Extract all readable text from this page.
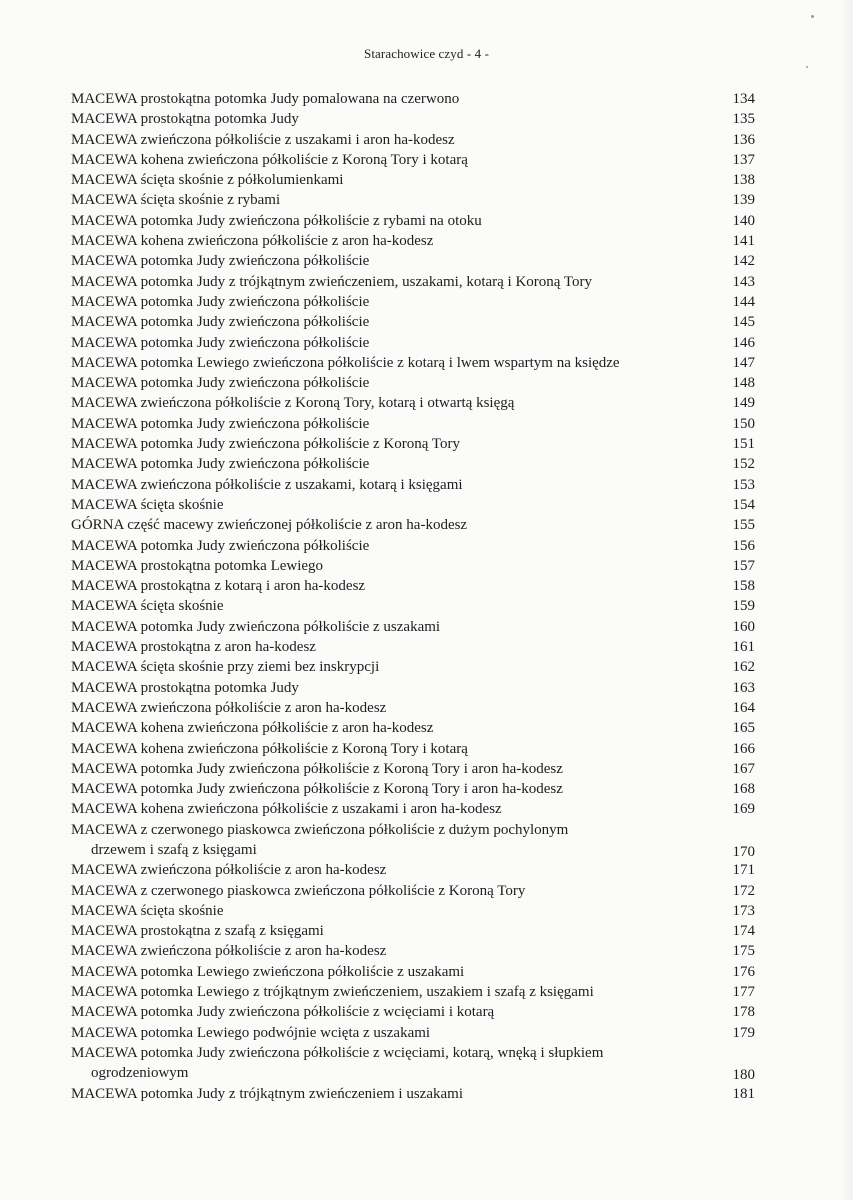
Starachowice czyd - 4 -
MACEWA prostokątna potomka Judy pomalowana na czerwono	134
MACEWA prostokątna potomka Judy	135
MACEWA zwieńczona półkoliście z uszakami i aron ha-kodesz	136
MACEWA kohena zwieńczona półkoliście z Koroną Tory i kotarą	137
MACEWA ścięta skośnie z półkolumienkami	138
MACEWA ścięta skośnie z rybami	139
MACEWA potomka Judy zwieńczona półkoliście z rybami na otoku	140
MACEWA kohena zwieńczona półkoliście z aron ha-kodesz	141
MACEWA potomka Judy zwieńczona półkoliście	142
MACEWA potomka Judy z trójkątnym zwieńczeniem, uszakami, kotarą i Koroną Tory	143
MACEWA potomka Judy zwieńczona półkoliście	144
MACEWA potomka Judy zwieńczona półkoliście	145
MACEWA potomka Judy zwieńczona półkoliście	146
MACEWA potomka Lewiego zwieńczona półkoliście z kotarą i lwem wspartym na księdze	147
MACEWA potomka Judy zwieńczona półkoliście	148
MACEWA zwieńczona półkoliście z Koroną Tory, kotarą i otwartą księgą	149
MACEWA potomka Judy zwieńczona półkoliście	150
MACEWA potomka Judy zwieńczona półkoliście z Koroną Tory	151
MACEWA potomka Judy zwieńczona półkoliście	152
MACEWA zwieńczona półkoliście z uszakami, kotarą i księgami	153
MACEWA ścięta skośnie	154
GÓRNA część macewy zwieńczonej półkoliście z aron ha-kodesz	155
MACEWA potomka Judy zwieńczona półkoliście	156
MACEWA prostokątna potomka Lewiego	157
MACEWA prostokątna z kotarą i aron ha-kodesz	158
MACEWA ścięta skośnie	159
MACEWA potomka Judy zwieńczona półkoliście z uszakami	160
MACEWA prostokątna z aron ha-kodesz	161
MACEWA ścięta skośnie przy ziemi bez inskrypcji	162
MACEWA prostokątna potomka Judy	163
MACEWA zwieńczona półkoliście z aron ha-kodesz	164
MACEWA kohena zwieńczona półkoliście z aron ha-kodesz	165
MACEWA kohena zwieńczona półkoliście z Koroną Tory i kotarą	166
MACEWA potomka Judy zwieńczona półkoliście z Koroną Tory i aron ha-kodesz	167
MACEWA potomka Judy zwieńczona półkoliście z Koroną Tory i aron ha-kodesz	168
MACEWA kohena zwieńczona półkoliście z uszakami i aron ha-kodesz	169
MACEWA z czerwonego piaskowca zwieńczona półkoliście z dużym pochylonym
drzewem i szafą z księgami	170
MACEWA zwieńczona półkoliście z aron ha-kodesz	171
MACEWA z czerwonego piaskowca zwieńczona półkoliście z Koroną Tory	172
MACEWA ścięta skośnie	173
MACEWA prostokątna z szafą z księgami	174
MACEWA zwieńczona półkoliście z aron ha-kodesz	175
MACEWA potomka Lewiego zwieńczona półkoliście z uszakami	176
MACEWA potomka Lewiego z trójkątnym zwieńczeniem, uszakiem i szafą z księgami	177
MACEWA potomka Judy zwieńczona półkoliście z wcięciami i kotarą	178
MACEWA potomka Lewiego podwójnie wcięta z uszakami	179
MACEWA potomka Judy zwieńczona półkoliście z wcięciami, kotarą, wnęką i słupkiem
ogrodzeniowym	180
MACEWA potomka Judy z trójkątnym zwieńczeniem i uszakami	181
